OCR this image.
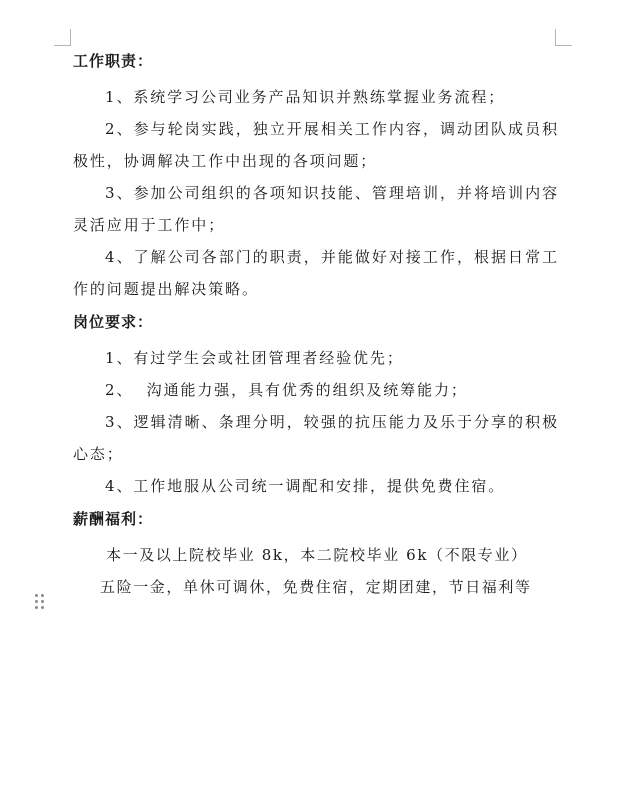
工作职责：

1、系统学习公司业务产品知识并熟练掌握业务流程；

2、参与轮岗实践，独立开展相关工作内容，调动团队成员积极性，协调解决工作中出现的各项问题；

3、参加公司组织的各项知识技能、管理培训，并将培训内容灵活应用于工作中；

4、了解公司各部门的职责，并能做好对接工作，根据日常工作的问题提出解决策略。

岗位要求：

1、有过学生会或社团管理者经验优先；

2、  沟通能力强，具有优秀的组织及统筹能力；

3、逻辑清晰、条理分明，较强的抗压能力及乐于分享的积极心态；

4、工作地服从公司统一调配和安排，提供免费住宿。

薪酬福利：

本一及以上院校毕业 8k，本二院校毕业 6k（不限专业）

五险一金，单休可调休，免费住宿，定期团建，节日福利等
